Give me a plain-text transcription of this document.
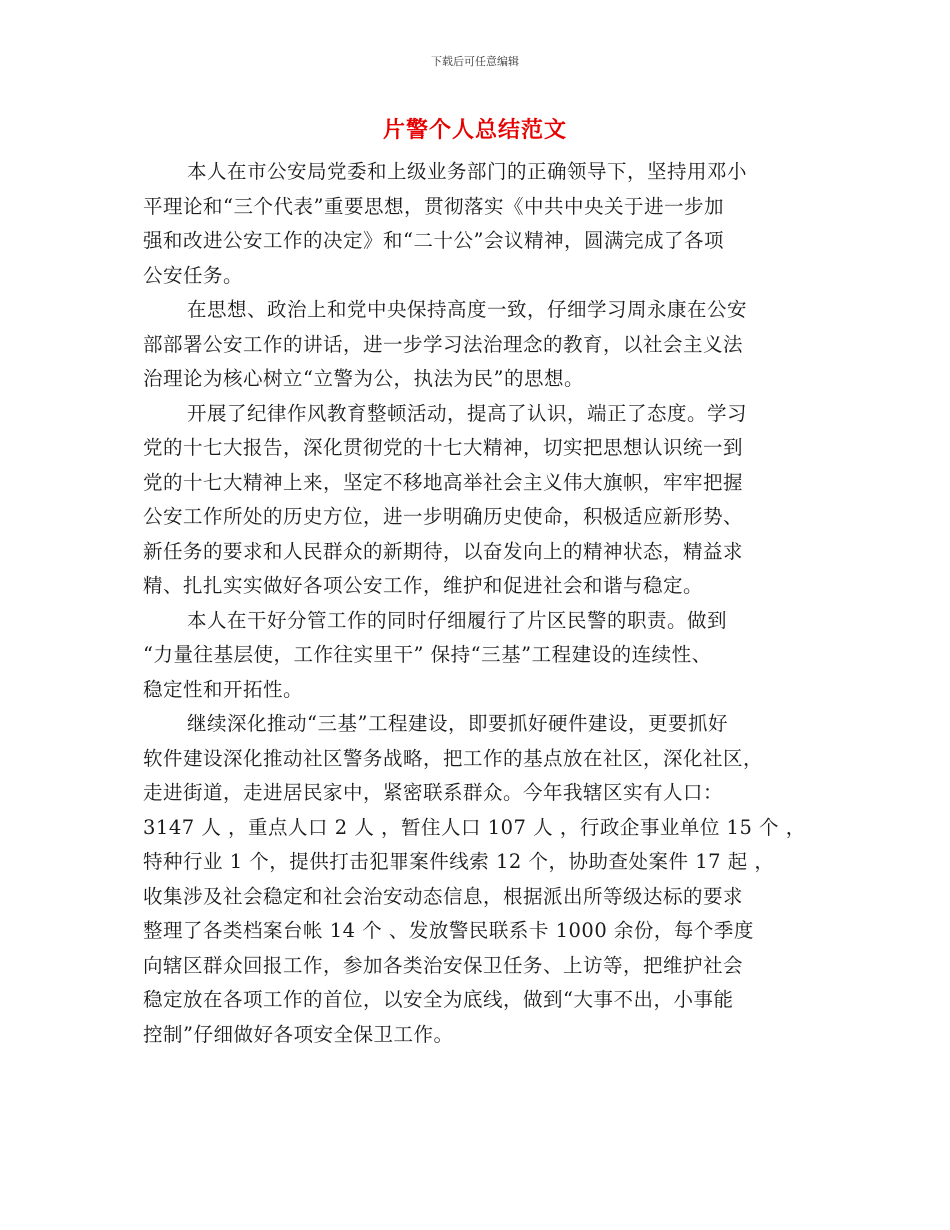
下载后可任意编辑
片警个人总结范文

本人在市公安局党委和上级业务部门的正确领导下，坚持用邓小
平理论和“三个代表”重要思想，贯彻落实《中共中央关于进一步加
强和改进公安工作的决定》和“二十公”会议精神，圆满完成了各项
公安任务。

在思想、政治上和党中央保持高度一致，仔细学习周永康在公安
部部署公安工作的讲话，进一步学习法治理念的教育，以社会主义法
治理论为核心树立“立警为公，执法为民”的思想。

开展了纪律作风教育整顿活动，提高了认识，端正了态度。学习
党的十七大报告，深化贯彻党的十七大精神，切实把思想认识统一到
党的十七大精神上来，坚定不移地高举社会主义伟大旗帜，牢牢把握
公安工作所处的历史方位，进一步明确历史使命，积极适应新形势、
新任务的要求和人民群众的新期待，以奋发向上的精神状态，精益求
精、扎扎实实做好各项公安工作，维护和促进社会和谐与稳定。

本人在干好分管工作的同时仔细履行了片区民警的职责。做到
“力量往基层使，工作往实里干” 保持“三基”工程建设的连续性、
稳定性和开拓性。

继续深化推动“三基”工程建设，即要抓好硬件建设，更要抓好
软件建设深化推动社区警务战略，把工作的基点放在社区，深化社区，
走进街道，走进居民家中，紧密联系群众。今年我辖区实有人口：
3147 人 ，重点人口 2 人 ，暂住人口 107 人 ，行政企事业单位 15 个 ，
特种行业 1 个，提供打击犯罪案件线索 12 个，协助查处案件 17 起 ，
收集涉及社会稳定和社会治安动态信息，根据派出所等级达标的要求
整理了各类档案台帐 14 个 、发放警民联系卡 1000 余份，每个季度
向辖区群众回报工作，参加各类治安保卫任务、上访等，把维护社会
稳定放在各项工作的首位，以安全为底线，做到“大事不出，小事能
控制”仔细做好各项安全保卫工作。
